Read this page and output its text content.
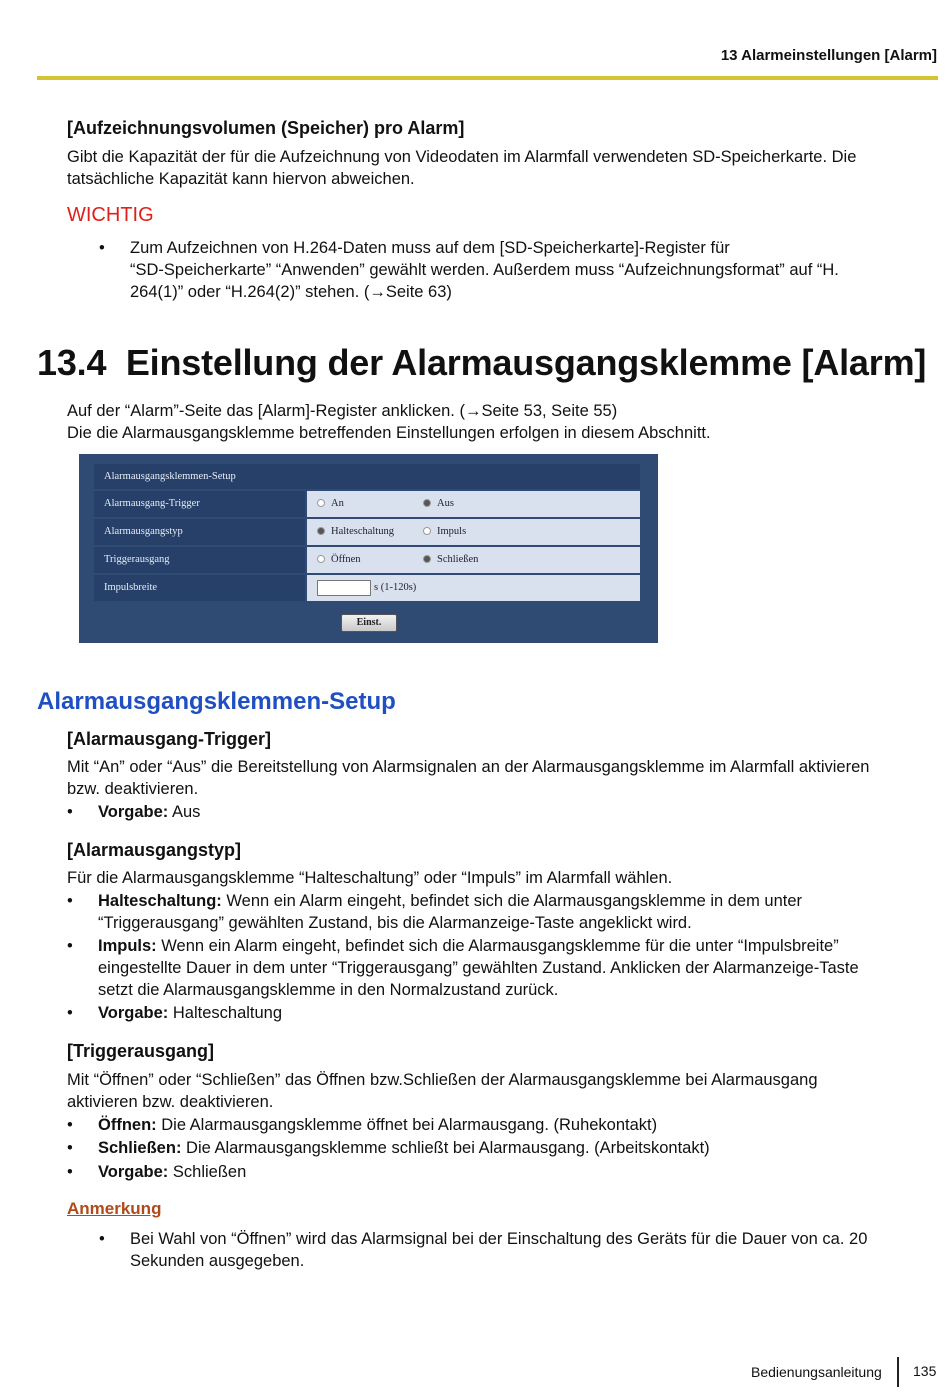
13 Alarmeinstellungen [Alarm]
[Aufzeichnungsvolumen (Speicher) pro Alarm]
Gibt die Kapazität der für die Aufzeichnung von Videodaten im Alarmfall verwendeten SD-Speicherkarte. Die
tatsächliche Kapazität kann hiervon abweichen.
WICHTIG
• Zum Aufzeichnen von H.264-Daten muss auf dem [SD-Speicherkarte]-Register für
“SD-Speicherkarte” “Anwenden” gewählt werden. Außerdem muss “Aufzeichnungsformat” auf “H.
264(1)” oder “H.264(2)” stehen. (→Seite 63)
13.4  Einstellung der Alarmausgangsklemme [Alarm]
Auf der “Alarm”-Seite das [Alarm]-Register anklicken. (→Seite 53, Seite 55)
Die die Alarmausgangsklemme betreffenden Einstellungen erfolgen in diesem Abschnitt.
Alarmausgangsklemmen-Setup
Alarmausgang-Trigger	An	Aus
Alarmausgangstyp	Halteschaltung	Impuls
Triggerausgang	Öffnen	Schließen
Impulsbreite	s (1-120s)
Einst.
Alarmausgangsklemmen-Setup
[Alarmausgang-Trigger]
Mit “An” oder “Aus” die Bereitstellung von Alarmsignalen an der Alarmausgangsklemme im Alarmfall aktivieren
bzw. deaktivieren.
• Vorgabe: Aus
[Alarmausgangstyp]
Für die Alarmausgangsklemme “Halteschaltung” oder “Impuls” im Alarmfall wählen.
• Halteschaltung: Wenn ein Alarm eingeht, befindet sich die Alarmausgangsklemme in dem unter
“Triggerausgang” gewählten Zustand, bis die Alarmanzeige-Taste angeklickt wird.
• Impuls: Wenn ein Alarm eingeht, befindet sich die Alarmausgangsklemme für die unter “Impulsbreite”
eingestellte Dauer in dem unter “Triggerausgang” gewählten Zustand. Anklicken der Alarmanzeige-Taste
setzt die Alarmausgangsklemme in den Normalzustand zurück.
• Vorgabe: Halteschaltung
[Triggerausgang]
Mit “Öffnen” oder “Schließen” das Öffnen bzw.Schließen der Alarmausgangsklemme bei Alarmausgang
aktivieren bzw. deaktivieren.
• Öffnen: Die Alarmausgangsklemme öffnet bei Alarmausgang. (Ruhekontakt)
• Schließen: Die Alarmausgangsklemme schließt bei Alarmausgang. (Arbeitskontakt)
• Vorgabe: Schließen
Anmerkung
• Bei Wahl von “Öffnen” wird das Alarmsignal bei der Einschaltung des Geräts für die Dauer von ca. 20
Sekunden ausgegeben.
Bedienungsanleitung 135
